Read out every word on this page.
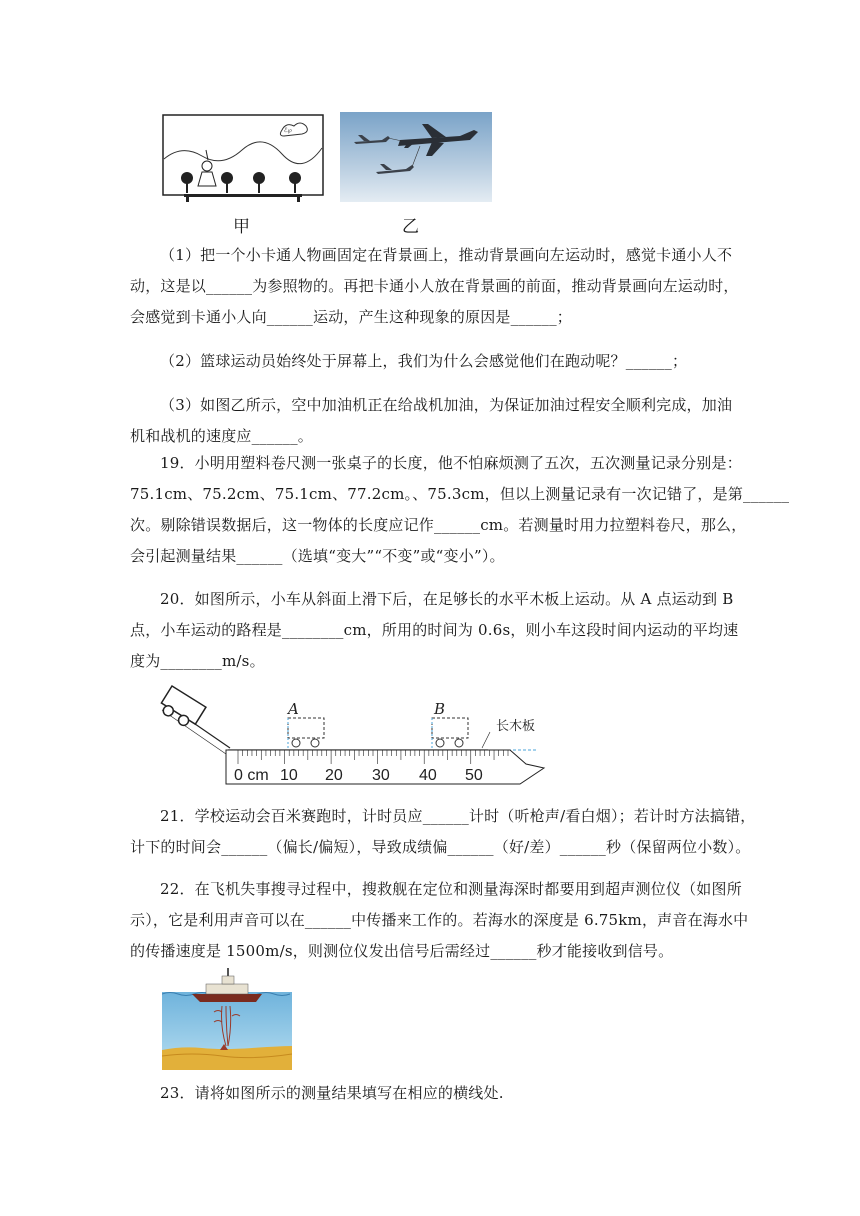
ℰ℘
甲	乙
（1）把一个小卡通人物画固定在背景画上，推动背景画向左运动时，感觉卡通小人不
动，这是以______为参照物的。再把卡通小人放在背景画的前面，推动背景画向左运动时，
会感觉到卡通小人向______运动，产生这种现象的原因是______；
（2）篮球运动员始终处于屏幕上，我们为什么会感觉他们在跑动呢？______；
（3）如图乙所示，空中加油机正在给战机加油，为保证加油过程安全顺利完成，加油
机和战机的速度应______。
19．小明用塑料卷尺测一张桌子的长度，他不怕麻烦测了五次，五次测量记录分别是：
75.1cm、75.2cm、75.1cm、77.2cm。、75.3cm，但以上测量记录有一次记错了，是第______
次。剔除错误数据后，这一物体的长度应记作______cm。若测量时用力拉塑料卷尺，那么，
会引起测量结果______（选填“变大”“不变”或“变小”）。
20．如图所示，小车从斜面上滑下后，在足够长的水平木板上运动。从 A 点运动到 B
点，小车运动的路程是________cm，所用的时间为 0.6s，则小车这段时间内运动的平均速
度为________m/s。
A	B
长木板
0 cm 10 20 30 40 50
21．学校运动会百米赛跑时，计时员应______计时（听枪声/看白烟）；若计时方法搞错，
计下的时间会______（偏长/偏短），导致成绩偏______（好/差）______秒（保留两位小数）。
22．在飞机失事搜寻过程中，搜救舰在定位和测量海深时都要用到超声测位仪（如图所
示），它是利用声音可以在______中传播来工作的。若海水的深度是 6.75km，声音在海水中
的传播速度是 1500m/s，则测位仪发出信号后需经过______秒才能接收到信号。
23．请将如图所示的测量结果填写在相应的横线处.
